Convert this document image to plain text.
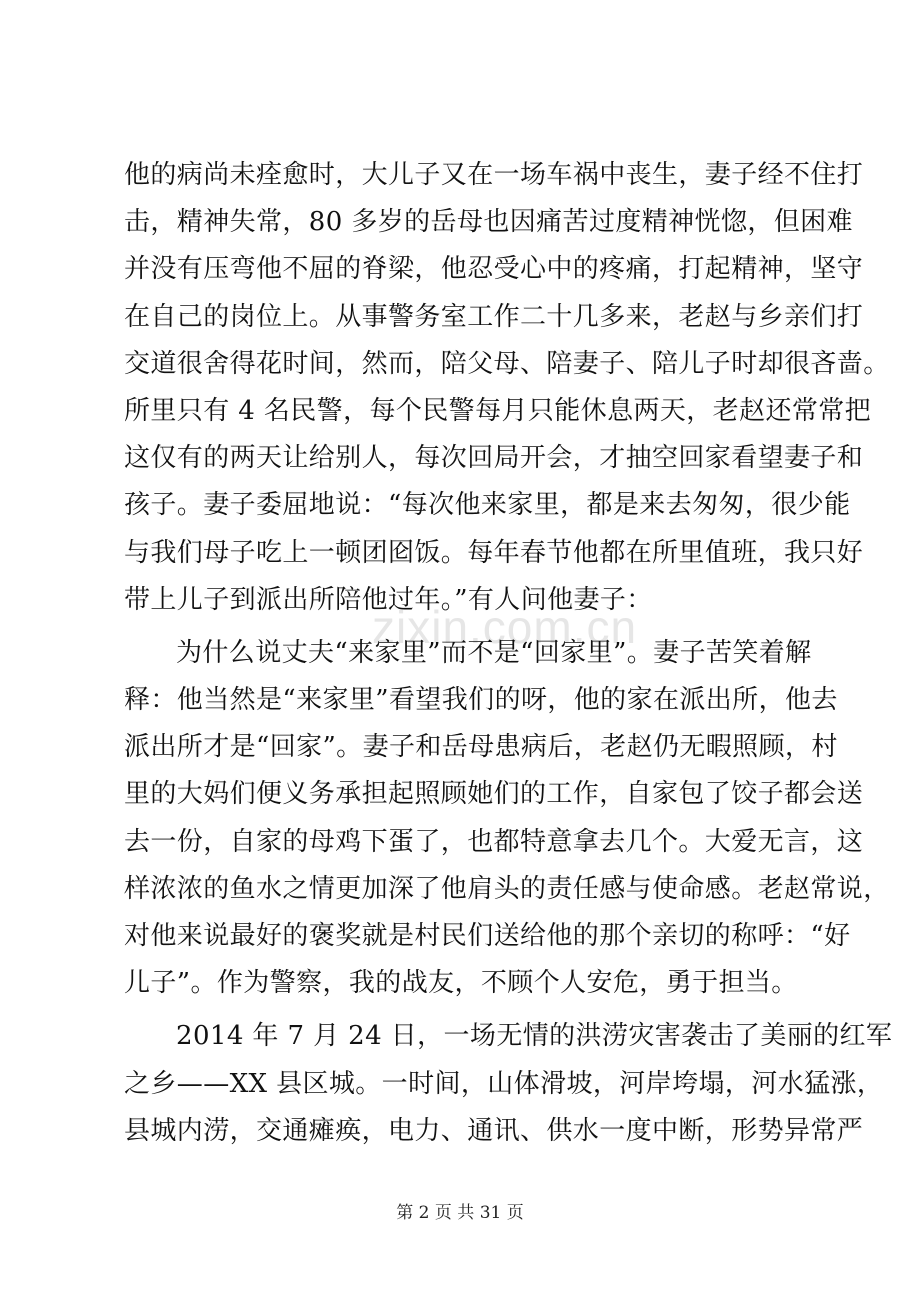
zixin.com.cn
他的病尚未痊愈时，大儿子又在一场车祸中丧生，妻子经不住打
击，精神失常，80 多岁的岳母也因痛苦过度精神恍惚，但困难
并没有压弯他不屈的脊梁，他忍受心中的疼痛，打起精神，坚守
在自己的岗位上。从事警务室工作二十几多来，老赵与乡亲们打
交道很舍得花时间，然而，陪父母、陪妻子、陪儿子时却很吝啬。
所里只有 4 名民警，每个民警每月只能休息两天，老赵还常常把
这仅有的两天让给别人，每次回局开会，才抽空回家看望妻子和
孩子。妻子委屈地说：“每次他来家里，都是来去匆匆，很少能
与我们母子吃上一顿团囵饭。每年春节他都在所里值班，我只好
带上儿子到派出所陪他过年。”有人问他妻子：
为什么说丈夫“来家里”而不是“回家里”。妻子苦笑着解
释：他当然是“来家里”看望我们的呀，他的家在派出所，他去
派出所才是“回家”。妻子和岳母患病后，老赵仍无暇照顾，村
里的大妈们便义务承担起照顾她们的工作，自家包了饺子都会送
去一份，自家的母鸡下蛋了，也都特意拿去几个。大爱无言，这
样浓浓的鱼水之情更加深了他肩头的责任感与使命感。老赵常说，
对他来说最好的褒奖就是村民们送给他的那个亲切的称呼：“好
儿子”。作为警察，我的战友，不顾个人安危，勇于担当。
2014 年 7 月 24 日，一场无情的洪涝灾害袭击了美丽的红军
之乡——XX 县区城。一时间，山体滑坡，河岸垮塌，河水猛涨，
县城内涝，交通瘫痪，电力、通讯、供水一度中断，形势异常严
第 2 页 共 31 页
